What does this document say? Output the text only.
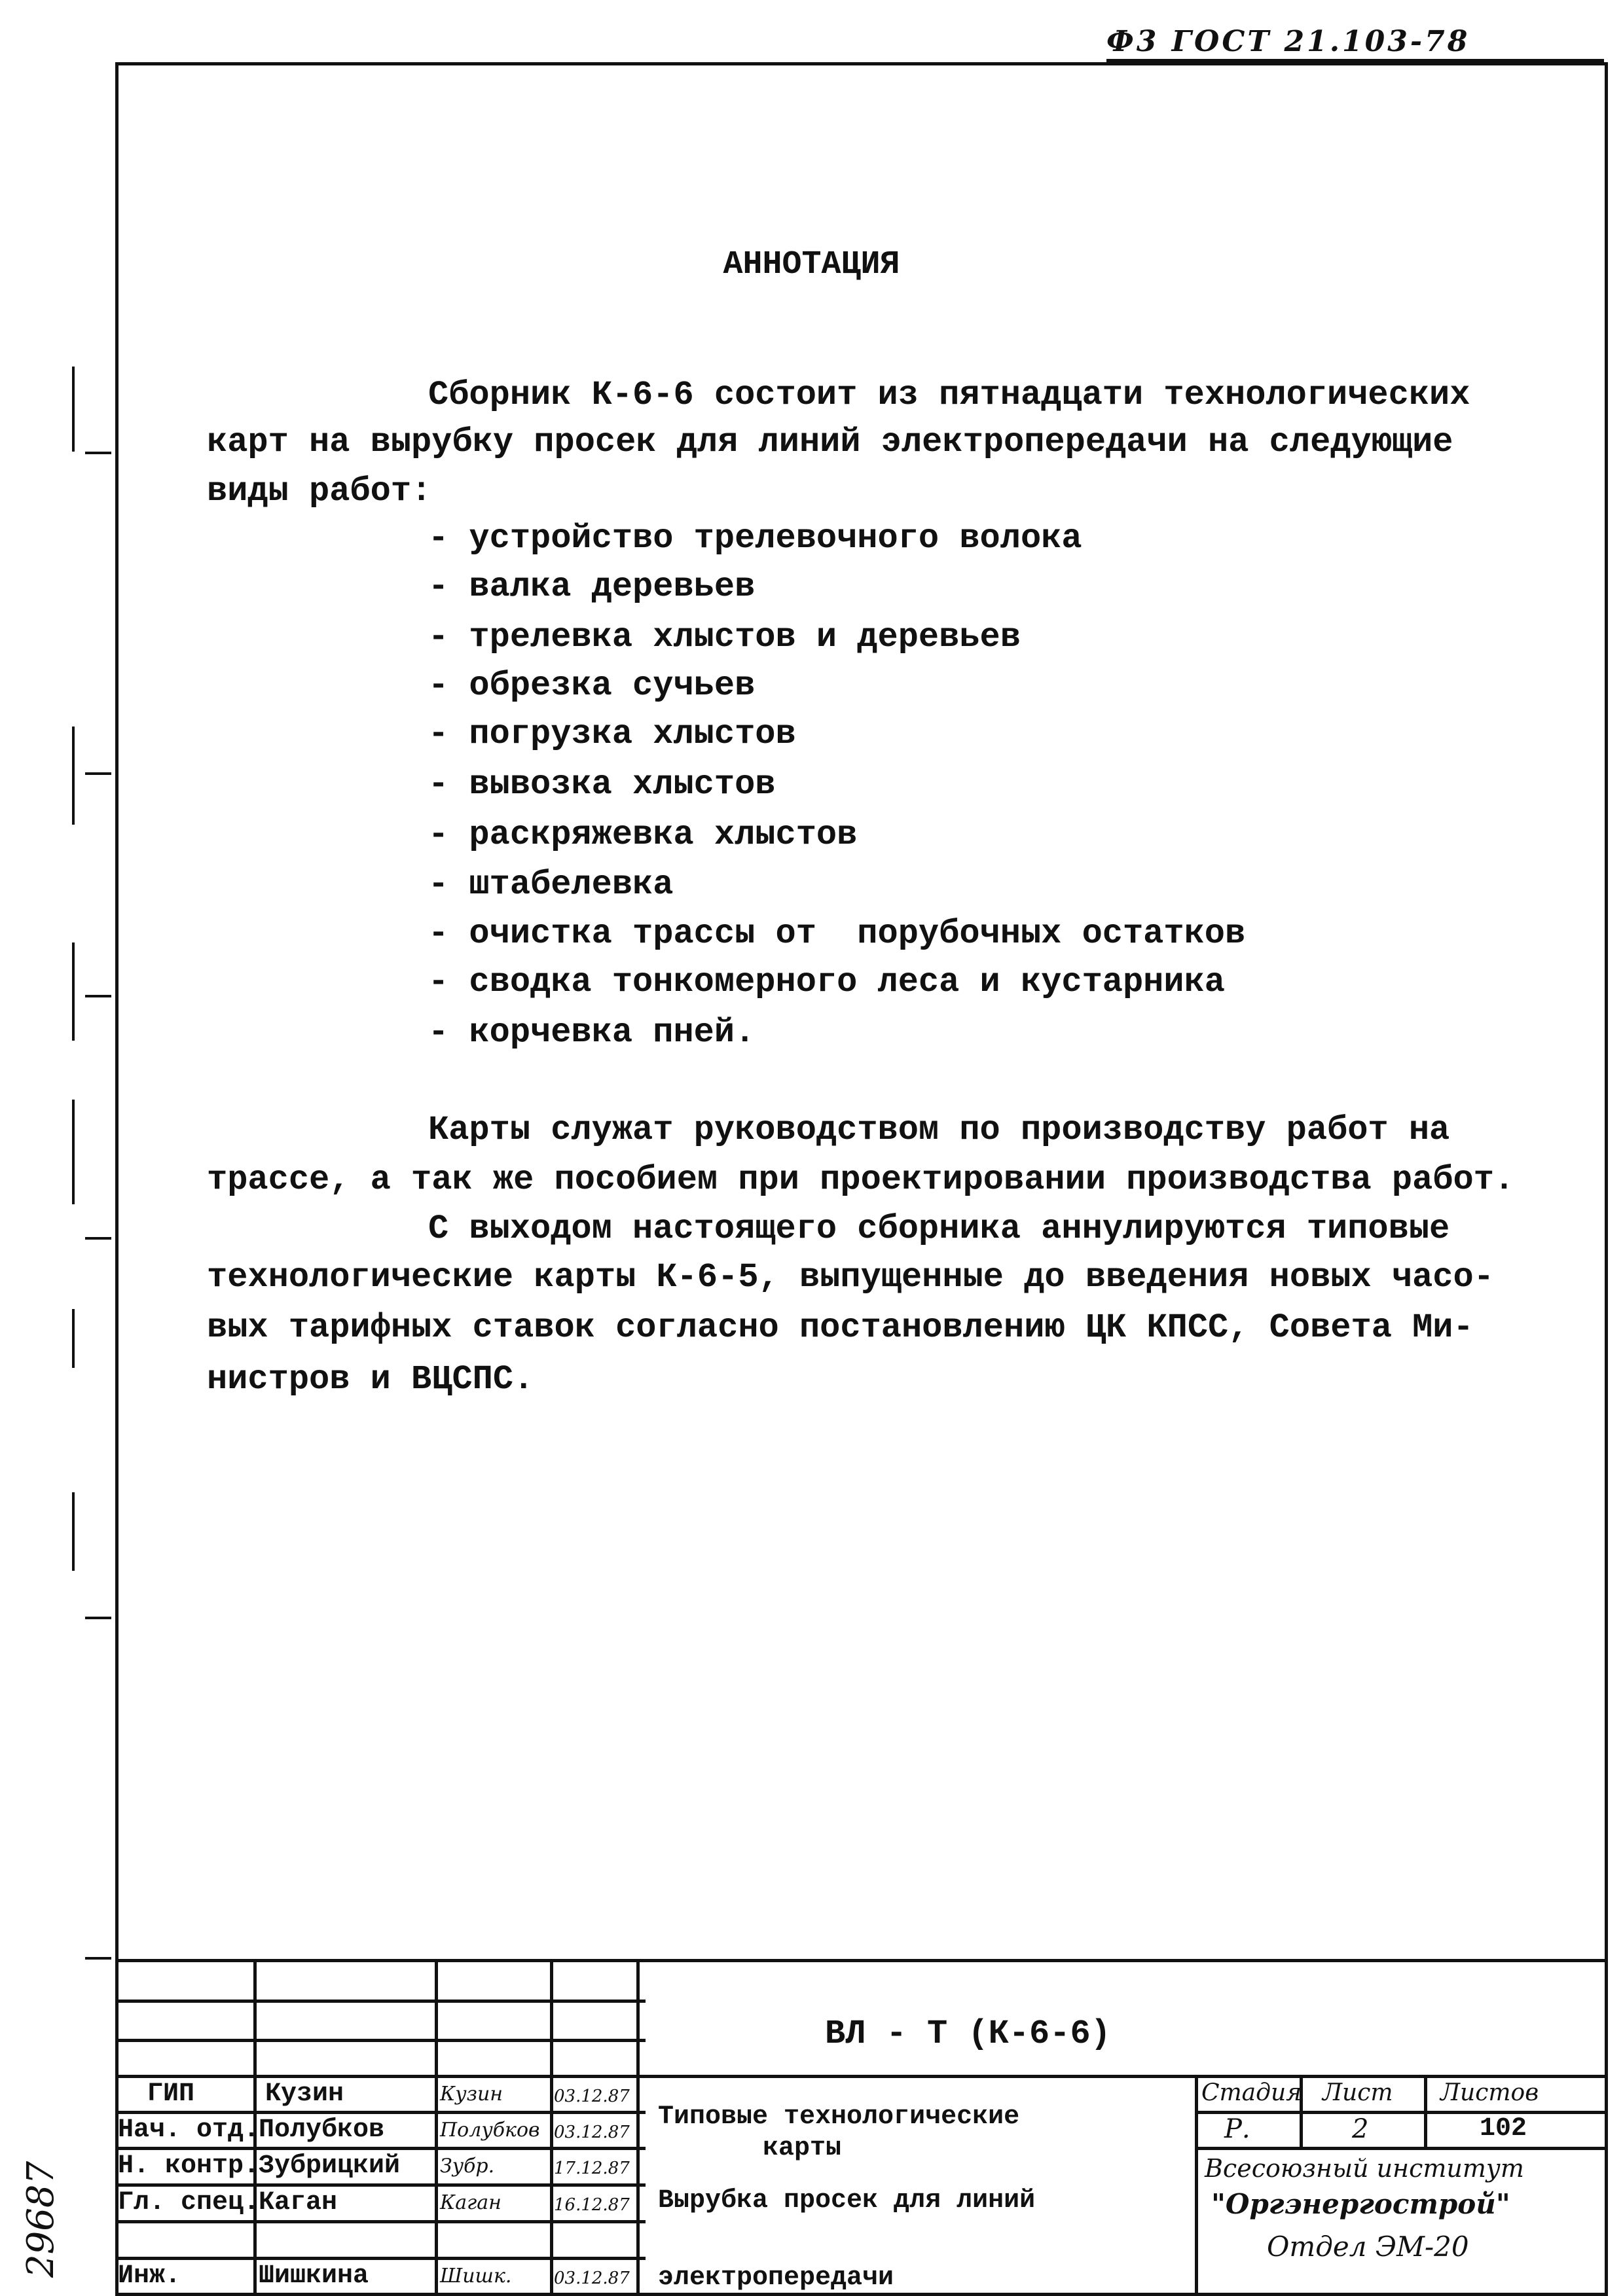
Ф3 ГОСТ 21.103-78
29687
АННОТАЦИЯ
Сборник К-6-6 состоит из пятнадцати технологических
карт на вырубку просек для линий электропередачи на следующие
виды работ:
- устройство трелевочного волока
- валка деревьев
- трелевка хлыстов и деревьев
- обрезка сучьев
- погрузка хлыстов
- вывозка хлыстов
- раскряжевка хлыстов
- штабелевка
- очистка трассы от  порубочных остатков
- сводка тонкомерного леса и кустарника
- корчевка пней.
Карты служат руководством по производству работ на
трассе, а так же пособием при проектировании производства работ.
С выходом настоящего сборника аннулируются типовые
технологические карты К-6-5, выпущенные до введения новых часо-
вых тарифных ставок согласно постановлению ЦК КПСС, Совета Ми-
нистров и ВЦСПС.
ВЛ - Т (К-6-6)
ГИП
Нач. отд.
Н. контр.
Гл. спец.
Инж.
Кузин
Полубков
Зубрицкий
Каган
Шишкина
Кузин
Полубков
Зубр.
Каган
Шишк.
03.12.87
03.12.87
17.12.87
16.12.87
03.12.87
Типовые технологические
карты
Вырубка просек для линий
электропередачи
Стадия Лист Листов
Р.	2	102
Всесоюзный институт
"Оргэнергострой"
Отдел ЭМ-20
